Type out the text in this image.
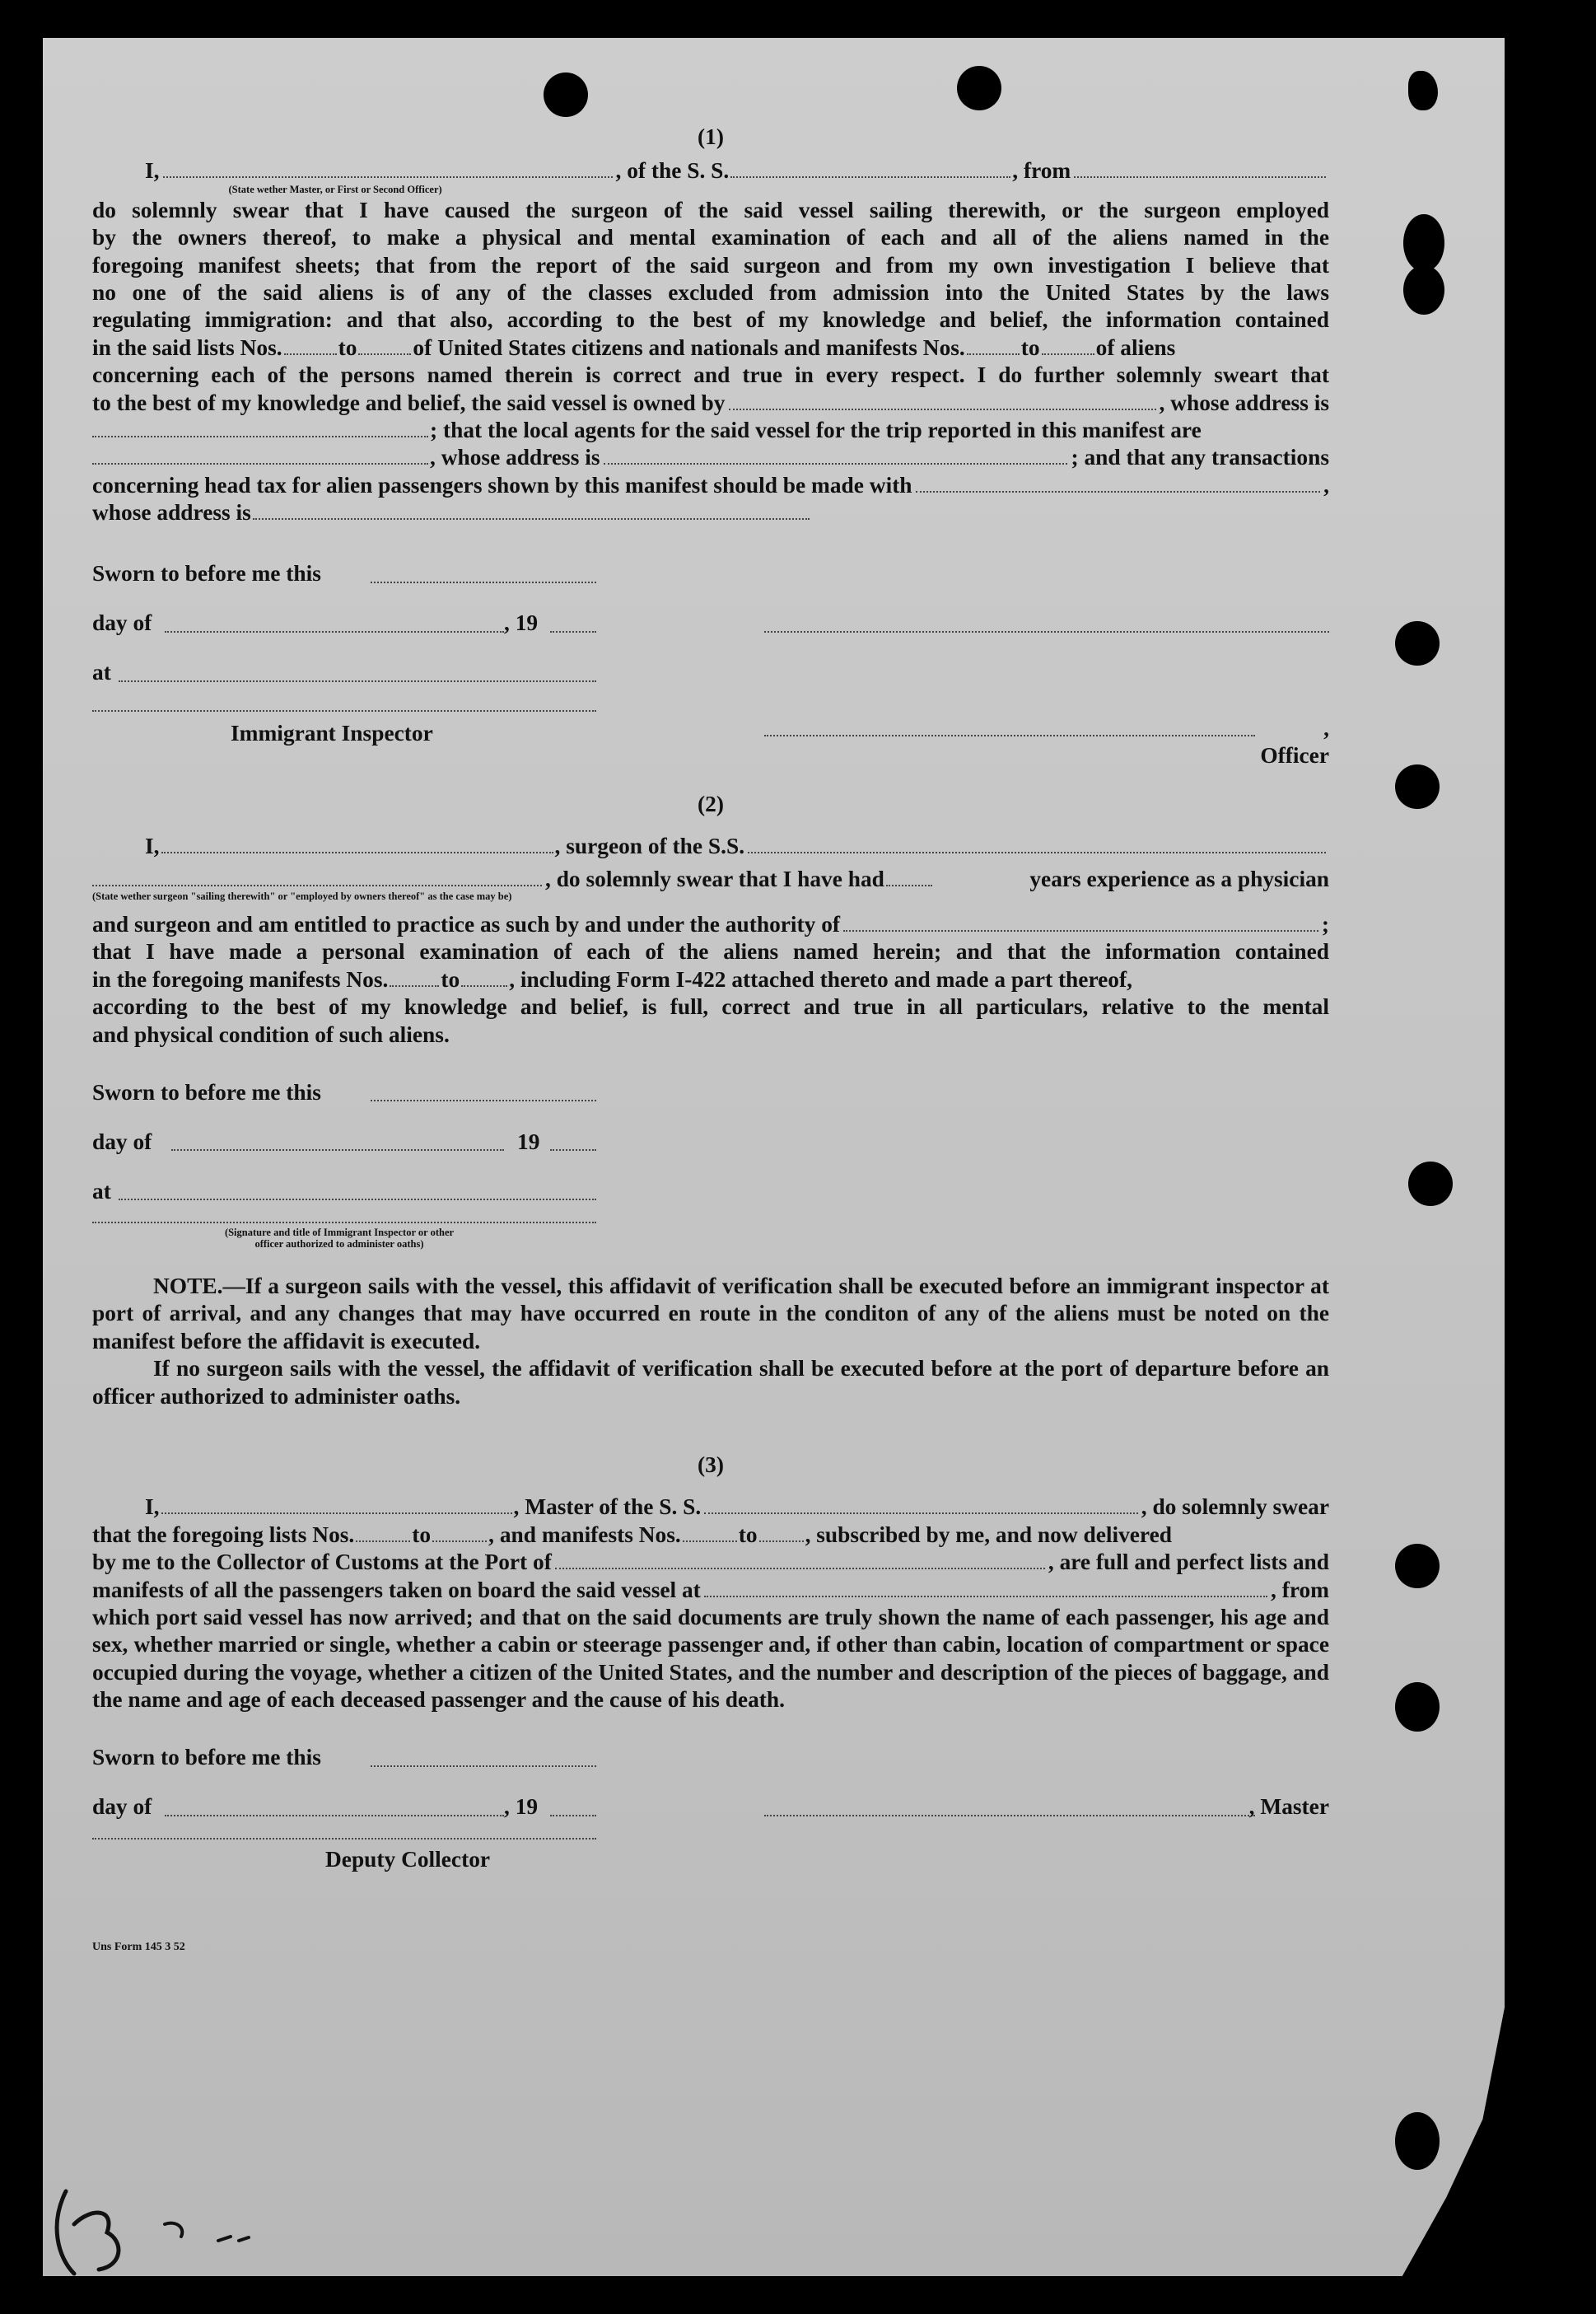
(1)

I,
(State wether Master, or First or Second Officer)
, of the S. S.	, from

do solemnly swear that I have caused the surgeon of the said vessel sailing therewith, or the surgeon employed

by the owners thereof, to make a physical and mental examination of each and all of the aliens named in the

foregoing manifest sheets; that from the report of the said surgeon and from my own investigation I believe that

no one of the said aliens is of any of the classes excluded from admission into the United States by the laws

regulating immigration: and that also, according to the best of my knowledge and belief, the information contained

in the said lists Nos. to of United States citizens and nationals and manifests Nos. to of aliens

concerning each of the persons named therein is correct and true in every respect. I do further solemnly sweart that

to the best of my knowledge and belief, the said vessel is owned by	, whose address is
; that the local agents for the said vessel for the trip reported in this manifest are
, whose address is	; and that any transactions
concerning head tax for alien passengers shown by this manifest should be made with	,
whose address is
Sworn to before me this
day of	, 19
at
Immigrant Inspector	, Officer

(2)

I,	, surgeon of the S.S.
(State wether surgeon "sailing therewith" or "employed by owners thereof" as the case may be)
, do solemnly swear that I have had	years experience as a physician
and surgeon and am entitled to practice as such by and under the authority of	;

that I have made a personal examination of each of the aliens named herein; and that the information contained

in the foregoing manifests Nos. to , including Form I-422 attached thereto and made a part thereof,

according to the best of my knowledge and belief, is full, correct and true in all particulars, relative to the mental

and physical condition of such aliens.

Sworn to before me this
day of	19
at
(Signature and title of Immigrant Inspector or other
officer authorized to administer oaths)

NOTE.—If a surgeon sails with the vessel, this affidavit of verification shall be executed before an immigrant inspector at port of arrival, and any changes that may have occurred en route in the conditon of any of the aliens must be noted on the manifest before the affidavit is executed.

If no surgeon sails with the vessel, the affidavit of verification shall be executed before at the port of departure before an officer authorized to administer oaths.

(3)

I,	, Master of the S. S.	, do solemnly swear
that the foregoing lists Nos.	to	, and manifests Nos.	to , subscribed by me, and now delivered
by me to the Collector of Customs at the Port of	, are full and perfect lists and
manifests of all the passengers taken on board the said vessel at	, from

which port said vessel has now arrived; and that on the said documents are truly shown the name of each passenger, his age and sex, whether married or single, whether a cabin or steerage passenger and, if other than cabin, location of compartment or space occupied during the voyage, whether a citizen of the United States, and the number and description of the pieces of baggage, and the name and age of each deceased passenger and the cause of his death.

Sworn to before me this
day of	, 19	, Master
Deputy Collector
Uns Form 145 3 52
